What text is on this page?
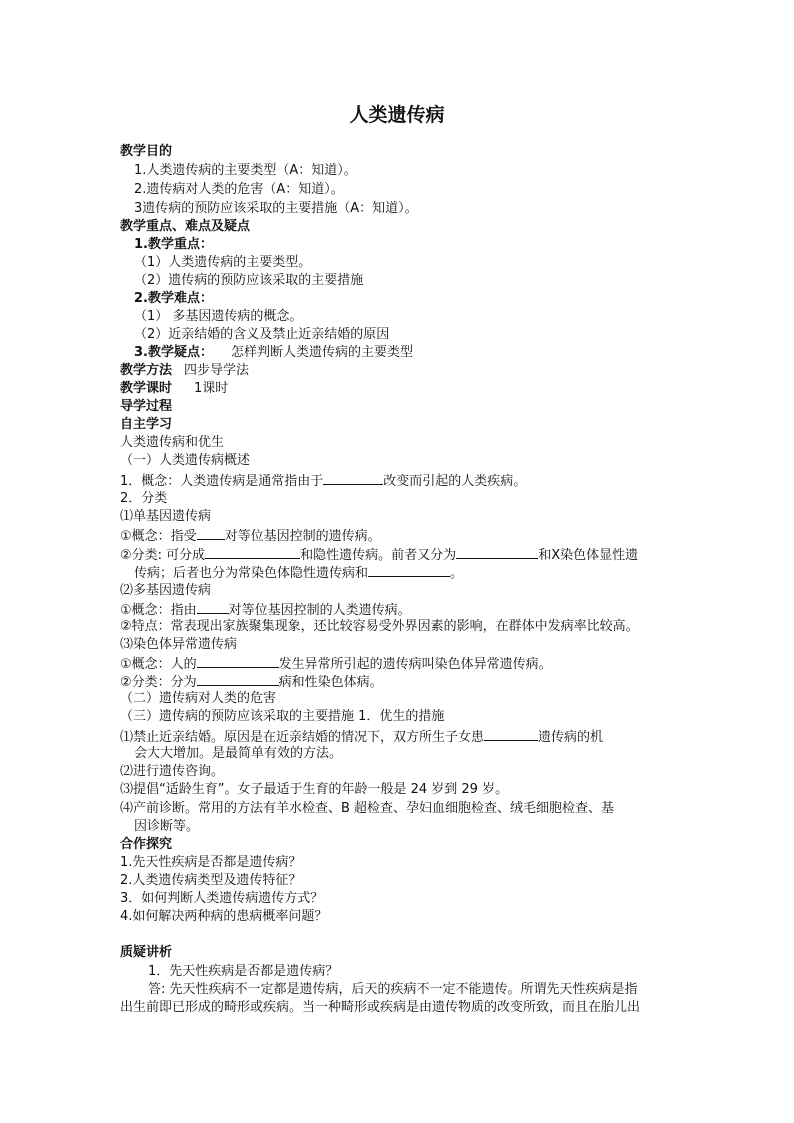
人类遗传病
教学目的
1.人类遗传病的主要类型（A：知道）。
2.遗传病对人类的危害（A：知道）。
3遗传病的预防应该采取的主要措施（A：知道）。
教学重点、难点及疑点
1.教学重点：
（1）人类遗传病的主要类型。
（2）遗传病的预防应该采取的主要措施
2.教学难点：
（1） 多基因遗传病的概念。
（2）近亲结婚的含义及禁止近亲结婚的原因
3.教学疑点： 怎样判断人类遗传病的主要类型
教学方法 四步导学法
教学课时 1课时
导学过程
自主学习
人类遗传病和优生
（一）人类遗传病概述
1．概念：人类遗传病是通常指由于	改变而引起的人类疾病。
2．分类
⑴单基因遗传病
①概念：指受 对等位基因控制的遗传病。
②分类: 可分成	和隐性遗传病。前者又分为	和X染色体显性遗
传病；后者也分为常染色体隐性遗传病和	。
⑵多基因遗传病
①概念：指由 对等位基因控制的人类遗传病。
②特点：常表现出家族聚集现象，还比较容易受外界因素的影响，在群体中发病率比较高。
⑶染色体异常遗传病
①概念：人的	发生异常所引起的遗传病叫染色体异常遗传病。
②分类：分为	病和性染色体病。
（二）遗传病对人类的危害
（三）遗传病的预防应该采取的主要措施 1．优生的措施
⑴禁止近亲结婚。原因是在近亲结婚的情况下，双方所生子女患	遗传病的机
会大大增加。是最简单有效的方法。
⑵进行遗传咨询。
⑶提倡“适龄生育”。女子最适于生育的年龄一般是 24 岁到 29 岁。
⑷产前诊断。常用的方法有羊水检查、B 超检查、孕妇血细胞检查、绒毛细胞检查、基
因诊断等。
合作探究
1.先天性疾病是否都是遗传病？
2.人类遗传病类型及遗传特征？
3．如何判断人类遗传病遗传方式？
4.如何解决两种病的患病概率问题？
质疑讲析
1．先天性疾病是否都是遗传病？
答: 先天性疾病不一定都是遗传病，后天的疾病不一定不能遗传。所谓先天性疾病是指
出生前即已形成的畸形或疾病。当一种畸形或疾病是由遗传物质的改变所致，而且在胎儿出
